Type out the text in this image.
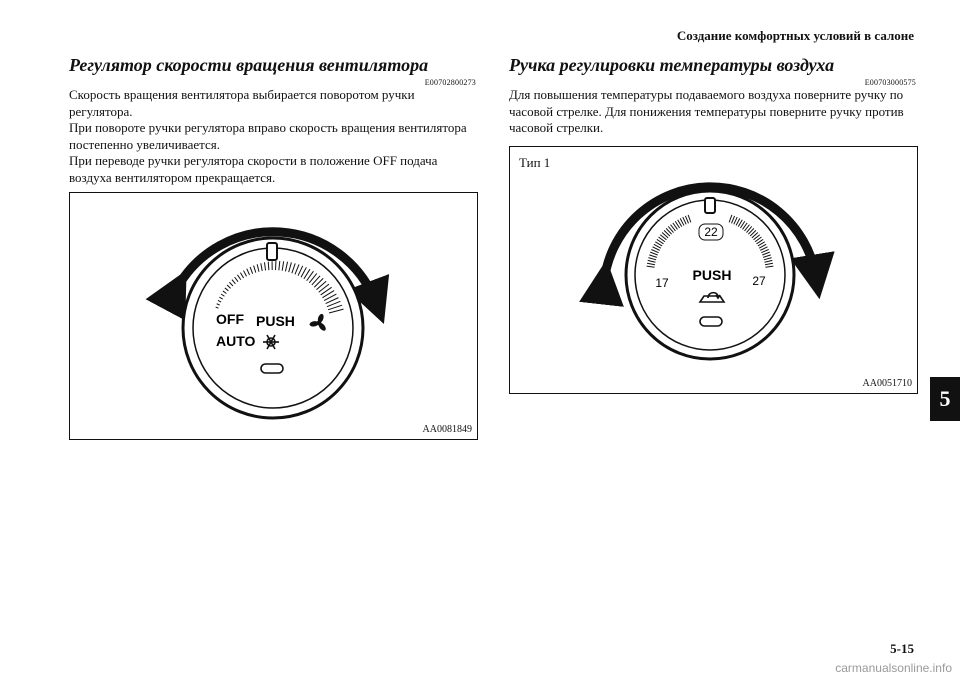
Создание комфортных условий в салоне
5
Регулятор скорости вращения вентилятора
E00702800273
Скорость вращения вентилятора выбирается поворотом ручки регулятора.
При повороте ручки регулятора вправо скорость вращения вентилятора постепенно увеличивается.
При переводе ручки регулятора скорости в положение OFF подача воздуха вентилятором прекращается.
OFF
AUTO
PUSH
AA0081849
Ручка регулировки температуры воздуха
E00703000575
Для повышения температуры подаваемого воздуха поверните ручку по часовой стрелке. Для понижения температуры поверните ручку против часовой стрелки.
Тип 1
22
17	27
PUSH
AA0051710
5-15
carmanualsonline.info
